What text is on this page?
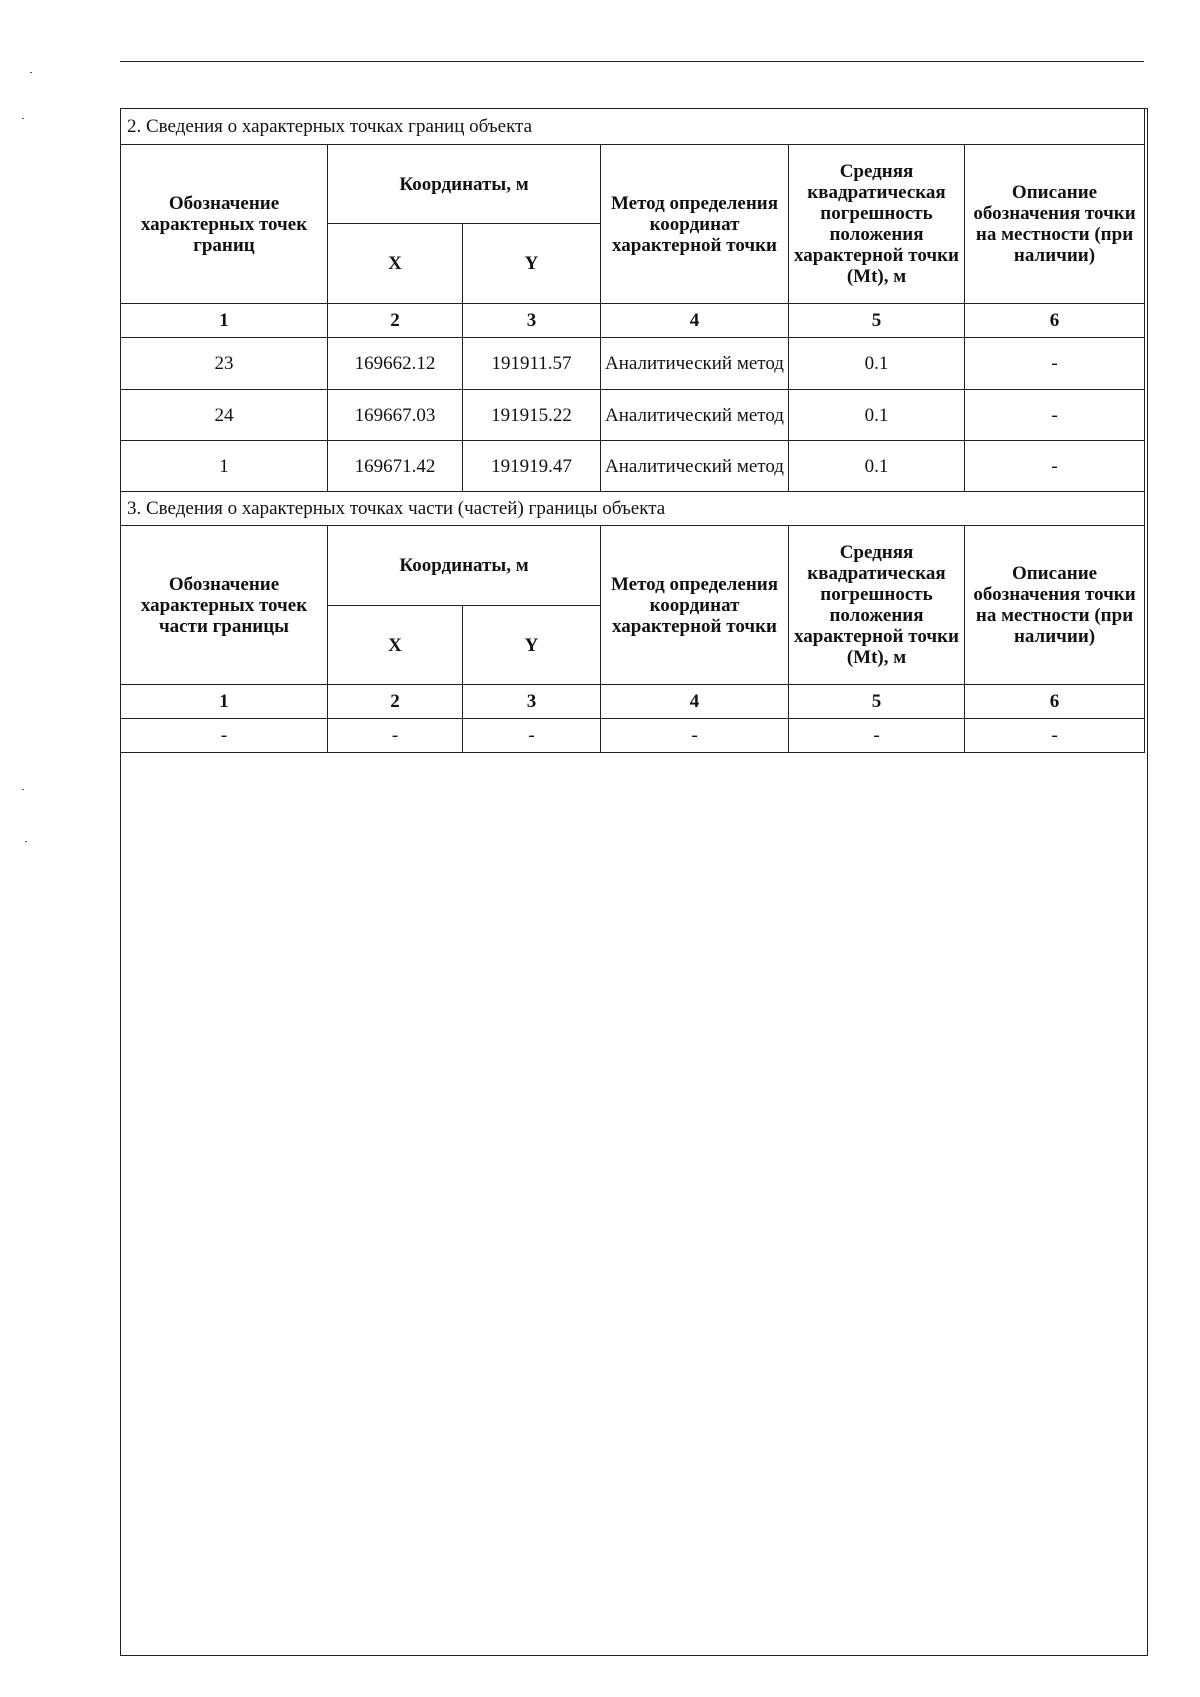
2. Сведения о характерных точках границ объекта					
Обозначение характерных точек границ	Координаты, м		Метод определения координат характерной точки	Средняя квадратическая погрешность положения характерной точки (Mt), м	Описание обозначения точки на местности (при наличии)
	X	Y			
1	2	3	4	5	6
23	169662.12	191911.57	Аналитический метод	0.1	-
24	169667.03	191915.22	Аналитический метод	0.1	-
1	169671.42	191919.47	Аналитический метод	0.1	-
3. Сведения о характерных точках части (частей) границы объекта					
Обозначение характерных точек части границы	Координаты, м		Метод определения координат характерной точки	Средняя квадратическая погрешность положения характерной точки (Mt), м	Описание обозначения точки на местности (при наличии)
	X	Y			
1	2	3	4	5	6
-	-	-	-	-	-
